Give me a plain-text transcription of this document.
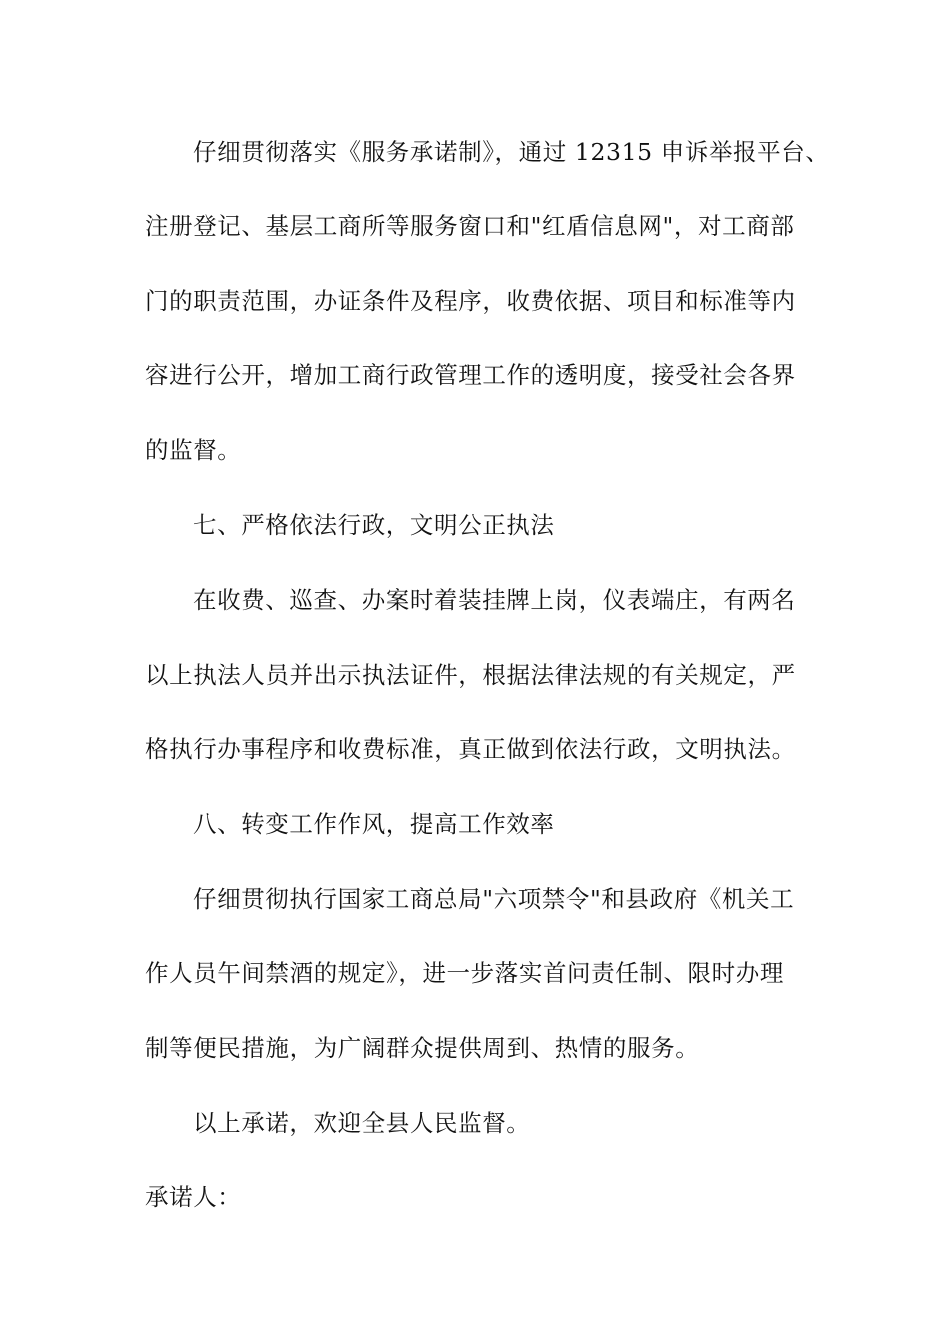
仔细贯彻落实《服务承诺制》，通过 12315 申诉举报平台、
注册登记、基层工商所等服务窗口和"红盾信息网"，对工商部
门的职责范围，办证条件及程序，收费依据、项目和标准等内
容进行公开，增加工商行政管理工作的透明度，接受社会各界
的监督。
七、严格依法行政，文明公正执法
在收费、巡查、办案时着装挂牌上岗，仪表端庄，有两名
以上执法人员并出示执法证件，根据法律法规的有关规定，严
格执行办事程序和收费标准，真正做到依法行政，文明执法。
八、转变工作作风，提高工作效率
仔细贯彻执行国家工商总局"六项禁令"和县政府《机关工
作人员午间禁酒的规定》，进一步落实首问责任制、限时办理
制等便民措施，为广阔群众提供周到、热情的服务。
以上承诺，欢迎全县人民监督。
承诺人：
